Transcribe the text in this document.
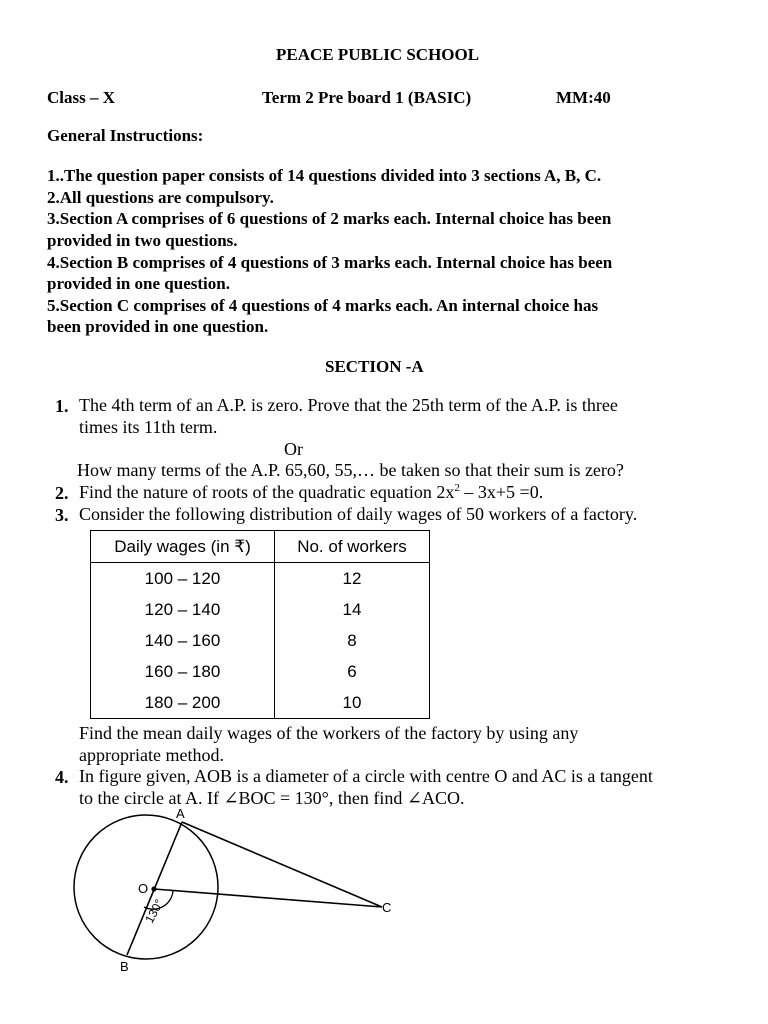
PEACE PUBLIC SCHOOL
Class – X	Term 2 Pre board 1 (BASIC)	MM:40
General Instructions:
1..The question paper consists of 14 questions divided into 3 sections A, B, C.
2.All questions are compulsory.
3.Section A comprises of 6 questions of 2 marks each. Internal choice has been
provided in two questions.
4.Section B comprises of 4 questions of 3 marks each. Internal choice has been
provided in one question.
5.Section C comprises of 4 questions of 4 marks each. An internal choice has
been provided in one question.
SECTION -A
1. The 4th term of an A.P. is zero. Prove that the 25th term of the A.P. is three
times its 11th term.
Or
How many terms of the A.P. 65,60, 55,… be taken so that their sum is zero?
2. Find the nature of roots of the quadratic equation $2x^2 - 3x+5 =0$.
3. Consider the following distribution of daily wages of 50 workers of a factory.
Daily wages (in ₹)	No. of workers
100 – 120	12
120 – 140	14
140 – 160	8
160 – 180	6
180 – 200	10
Find the mean daily wages of the workers of the factory by using any
appropriate method.
4. In figure given, AOB is a diameter of a circle with centre O and AC is a tangent
to the circle at A. If ∠BOC = 130°, then find ∠ACO.
A
O
C
B
130°
